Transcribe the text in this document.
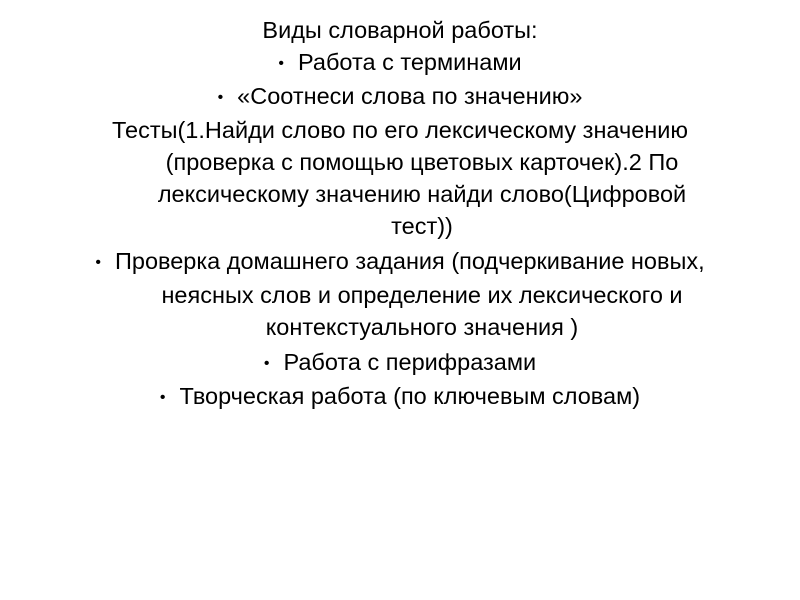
Виды словарной работы:
• Работа с терминами
• «Соотнеси слова по значению»
Тесты(1.Найди слово по его лексическому значению
(проверка с помощью цветовых карточек).2 По
лексическому значению найди слово(Цифровой
тест))
• Проверка домашнего задания (подчеркивание новых,
неясных слов и определение их лексического и
контекстуального значения )
• Работа с перифразами
• Творческая работа (по ключевым словам)
